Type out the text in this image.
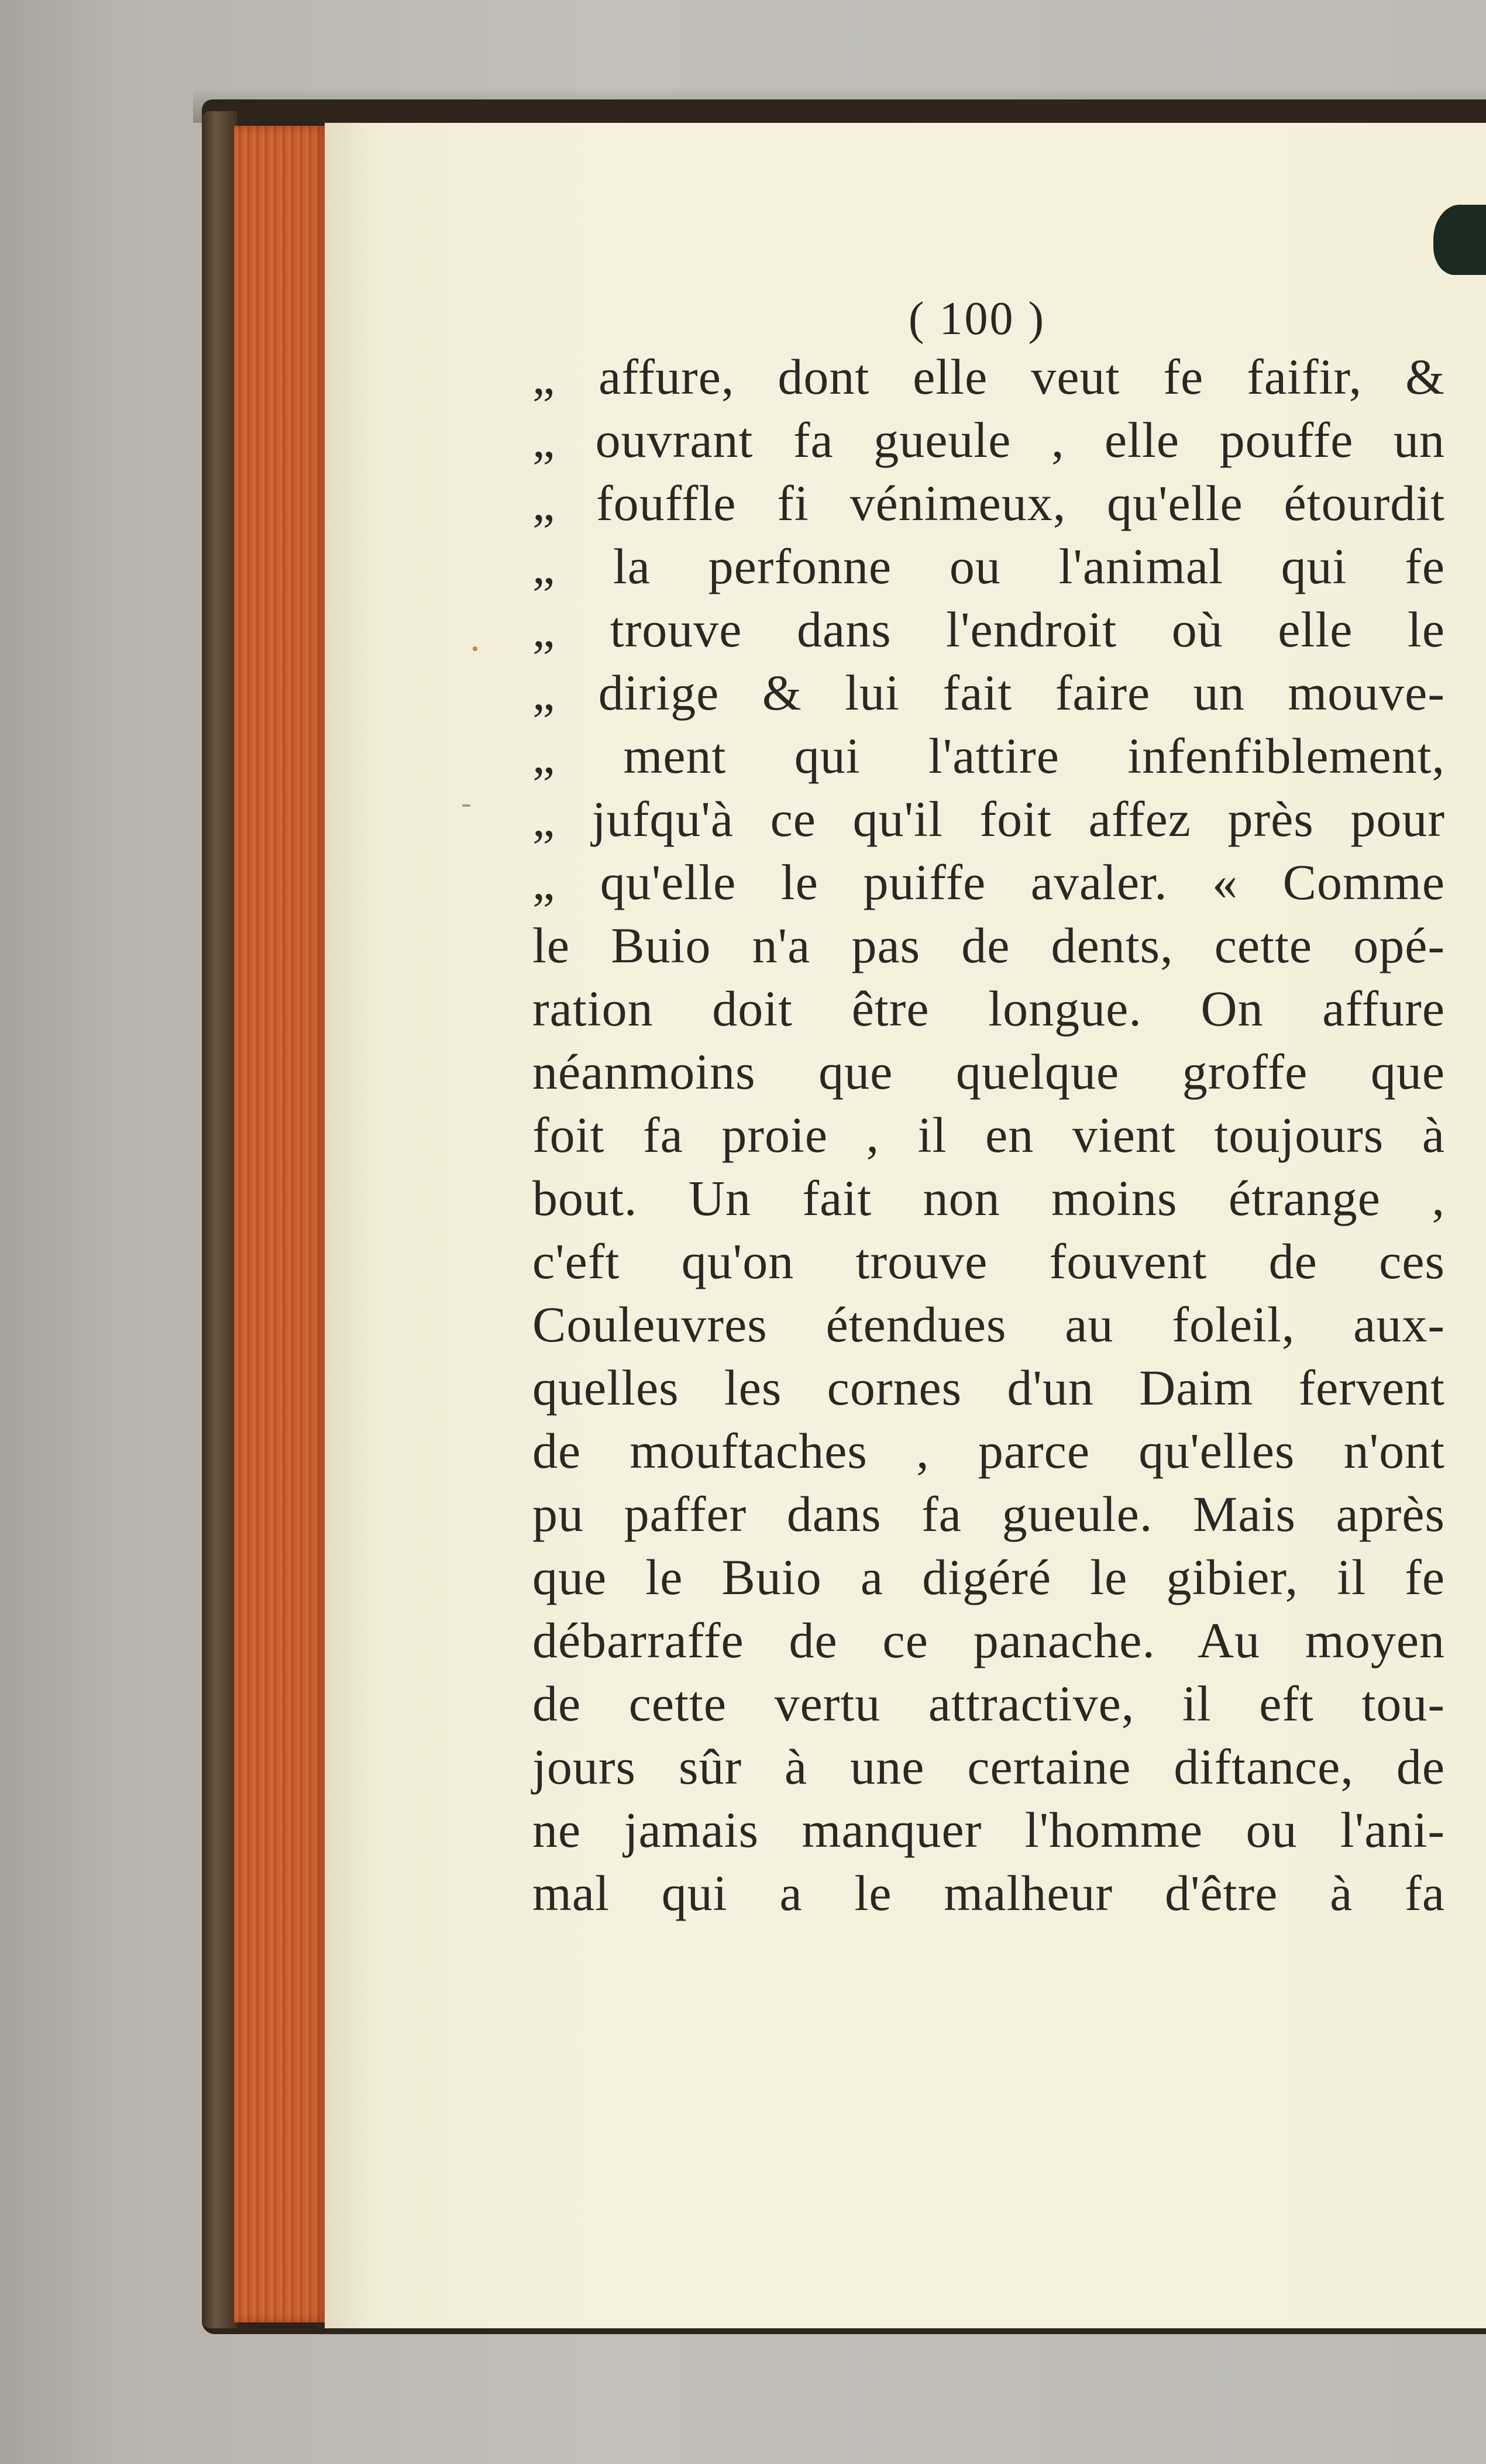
( 100 )
„ affure, dont elle veut fe faifir, &
„ ouvrant fa gueule , elle pouffe un
„ fouffle fi vénimeux, qu'elle étourdit
„ la perfonne ou l'animal qui fe
„ trouve dans l'endroit où elle le
„ dirige & lui fait faire un mouve-
„ ment qui l'attire infenfiblement,
„ jufqu'à ce qu'il foit affez près pour
„ qu'elle le puiffe avaler. « Comme
le Buio n'a pas de dents, cette opé-
ration doit être longue. On affure
néanmoins que quelque groffe que
foit fa proie , il en vient toujours à
bout. Un fait non moins étrange ,
c'eft qu'on trouve fouvent de ces
Couleuvres étendues au foleil, aux-
quelles les cornes d'un Daim fervent
de mouftaches , parce qu'elles n'ont
pu paffer dans fa gueule. Mais après
que le Buio a digéré le gibier, il fe
débarraffe de ce panache. Au moyen
de cette vertu attractive, il eft tou-
jours sûr à une certaine diftance, de
ne jamais manquer l'homme ou l'ani-
mal qui a le malheur d'être à fa
